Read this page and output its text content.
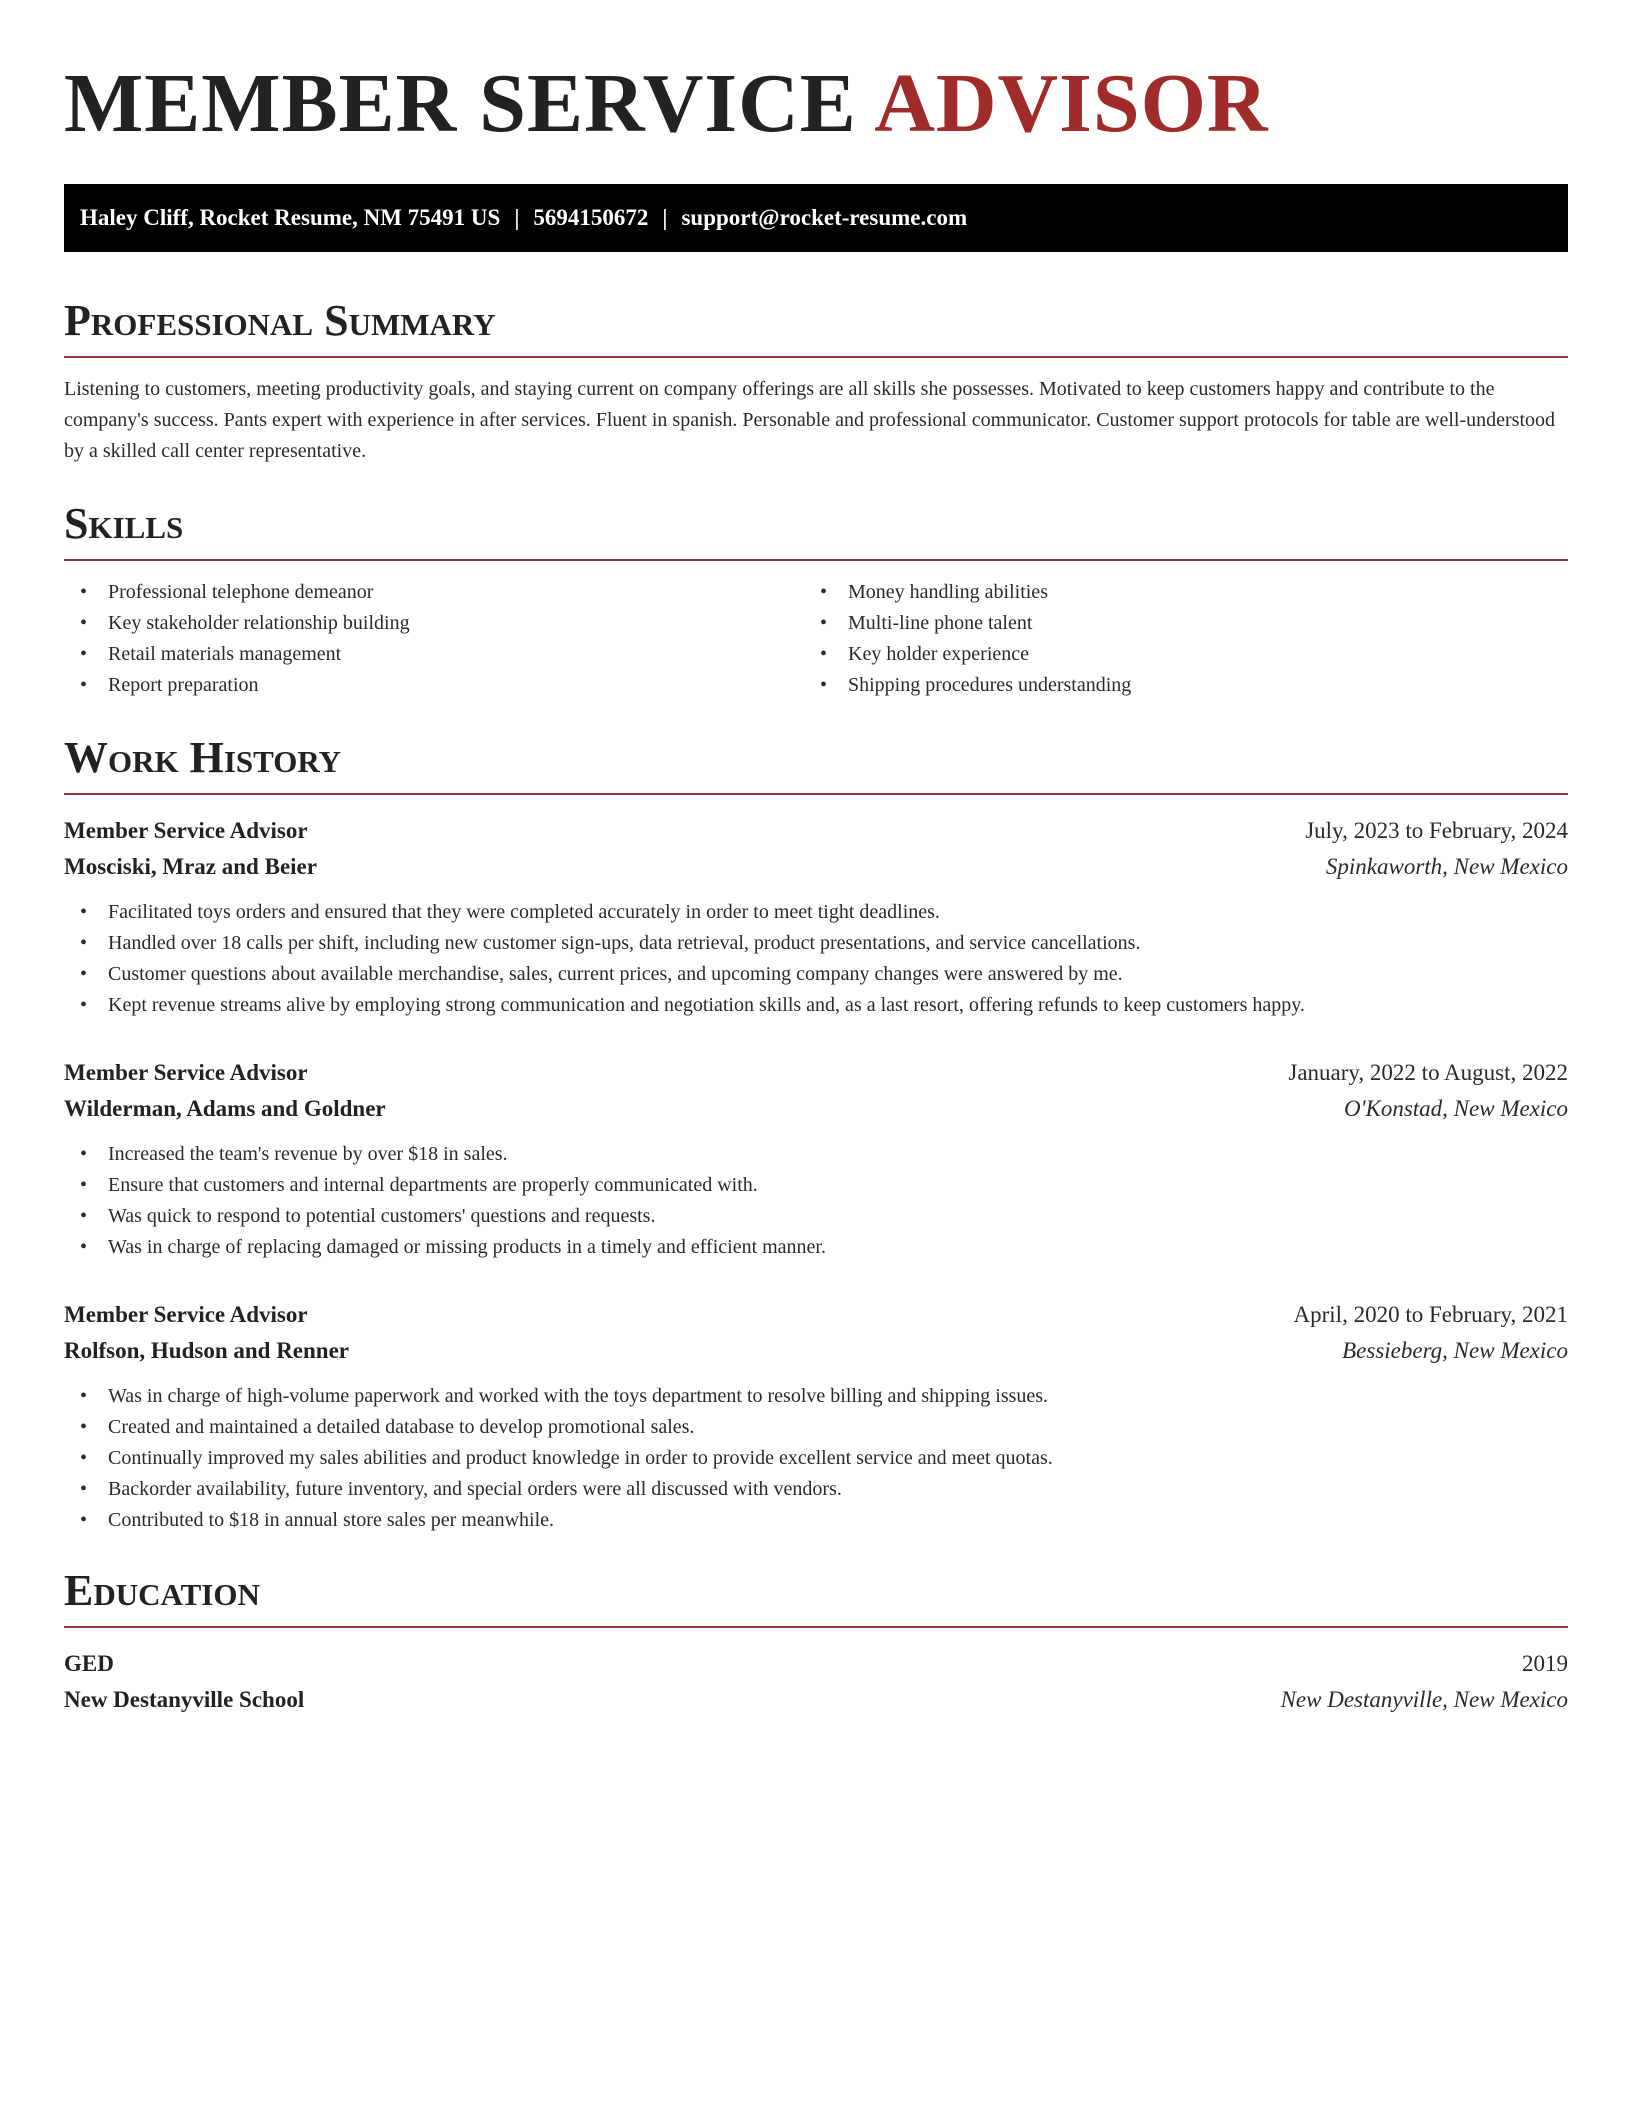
MEMBER SERVICE ADVISOR
Haley Cliff, Rocket Resume, NM 75491 US | 5694150672 | support@rocket-resume.com
Professional Summary

Listening to customers, meeting productivity goals, and staying current on company offerings are all skills she possesses. Motivated to keep customers happy and contribute to the company's success. Pants expert with experience in after services. Fluent in spanish. Personable and professional communicator. Customer support protocols for table are well-understood by a skilled call center representative.

Skills
• Professional telephone demeanor
• Key stakeholder relationship building
• Retail materials management
• Report preparation
• Money handling abilities
• Multi-line phone talent
• Key holder experience
• Shipping procedures understanding
Work History
Member Service Advisor	July, 2023 to February, 2024
Mosciski, Mraz and Beier	Spinkaworth, New Mexico
• Facilitated toys orders and ensured that they were completed accurately in order to meet tight deadlines.
• Handled over 18 calls per shift, including new customer sign-ups, data retrieval, product presentations, and service cancellations.
• Customer questions about available merchandise, sales, current prices, and upcoming company changes were answered by me.
• Kept revenue streams alive by employing strong communication and negotiation skills and, as a last resort, offering refunds to keep customers happy.
Member Service Advisor	January, 2022 to August, 2022
Wilderman, Adams and Goldner	O'Konstad, New Mexico
• Increased the team's revenue by over $18 in sales.
• Ensure that customers and internal departments are properly communicated with.
• Was quick to respond to potential customers' questions and requests.
• Was in charge of replacing damaged or missing products in a timely and efficient manner.
Member Service Advisor	April, 2020 to February, 2021
Rolfson, Hudson and Renner	Bessieberg, New Mexico
• Was in charge of high-volume paperwork and worked with the toys department to resolve billing and shipping issues.
• Created and maintained a detailed database to develop promotional sales.
• Continually improved my sales abilities and product knowledge in order to provide excellent service and meet quotas.
• Backorder availability, future inventory, and special orders were all discussed with vendors.
• Contributed to $18 in annual store sales per meanwhile.
Education
GED	2019
New Destanyville School	New Destanyville, New Mexico
